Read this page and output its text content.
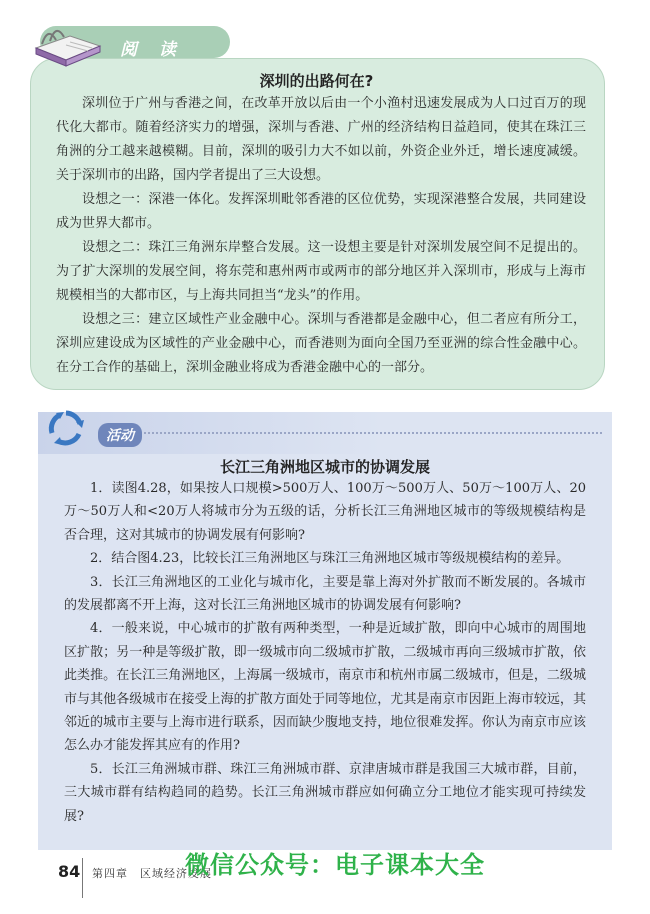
阅 读
深圳的出路何在?

深圳位于广州与香港之间，在改革开放以后由一个小渔村迅速发展成为人口过百万的现代化大都市。随着经济实力的增强，深圳与香港、广州的经济结构日益趋同，使其在珠江三角洲的分工越来越模糊。目前，深圳的吸引力大不如以前，外资企业外迁，增长速度减缓。关于深圳市的出路，国内学者提出了三大设想。

设想之一：深港一体化。发挥深圳毗邻香港的区位优势，实现深港整合发展，共同建设成为世界大都市。

设想之二：珠江三角洲东岸整合发展。这一设想主要是针对深圳发展空间不足提出的。为了扩大深圳的发展空间，将东莞和惠州两市或两市的部分地区并入深圳市，形成与上海市规模相当的大都市区，与上海共同担当“龙头”的作用。

设想之三：建立区域性产业金融中心。深圳与香港都是金融中心，但二者应有所分工，深圳应建设成为区域性的产业金融中心，而香港则为面向全国乃至亚洲的综合性金融中心。在分工合作的基础上，深圳金融业将成为香港金融中心的一部分。

活动
长江三角洲地区城市的协调发展

1．读图4.28，如果按人口规模>500万人、100万～500万人、50万～100万人、20万～50万人和<20万人将城市分为五级的话，分析长江三角洲地区城市的等级规模结构是否合理，这对其城市的协调发展有何影响?

2．结合图4.23，比较长江三角洲地区与珠江三角洲地区城市等级规模结构的差异。

3．长江三角洲地区的工业化与城市化，主要是靠上海对外扩散而不断发展的。各城市的发展都离不开上海，这对长江三角洲地区城市的协调发展有何影响?

4．一般来说，中心城市的扩散有两种类型，一种是近域扩散，即向中心城市的周围地区扩散；另一种是等级扩散，即一级城市向二级城市扩散，二级城市再向三级城市扩散，依此类推。在长江三角洲地区，上海属一级城市，南京市和杭州市属二级城市，但是，二级城市与其他各级城市在接受上海的扩散方面处于同等地位，尤其是南京市因距上海市较远，其邻近的城市主要与上海市进行联系，因而缺少腹地支持，地位很难发挥。你认为南京市应该怎么办才能发挥其应有的作用?

5．长江三角洲城市群、珠江三角洲城市群、京津唐城市群是我国三大城市群，目前，三大城市群有结构趋同的趋势。长江三角洲城市群应如何确立分工地位才能实现可持续发展?

84 第四章　区域经济发展
微信公众号：电子课本大全
